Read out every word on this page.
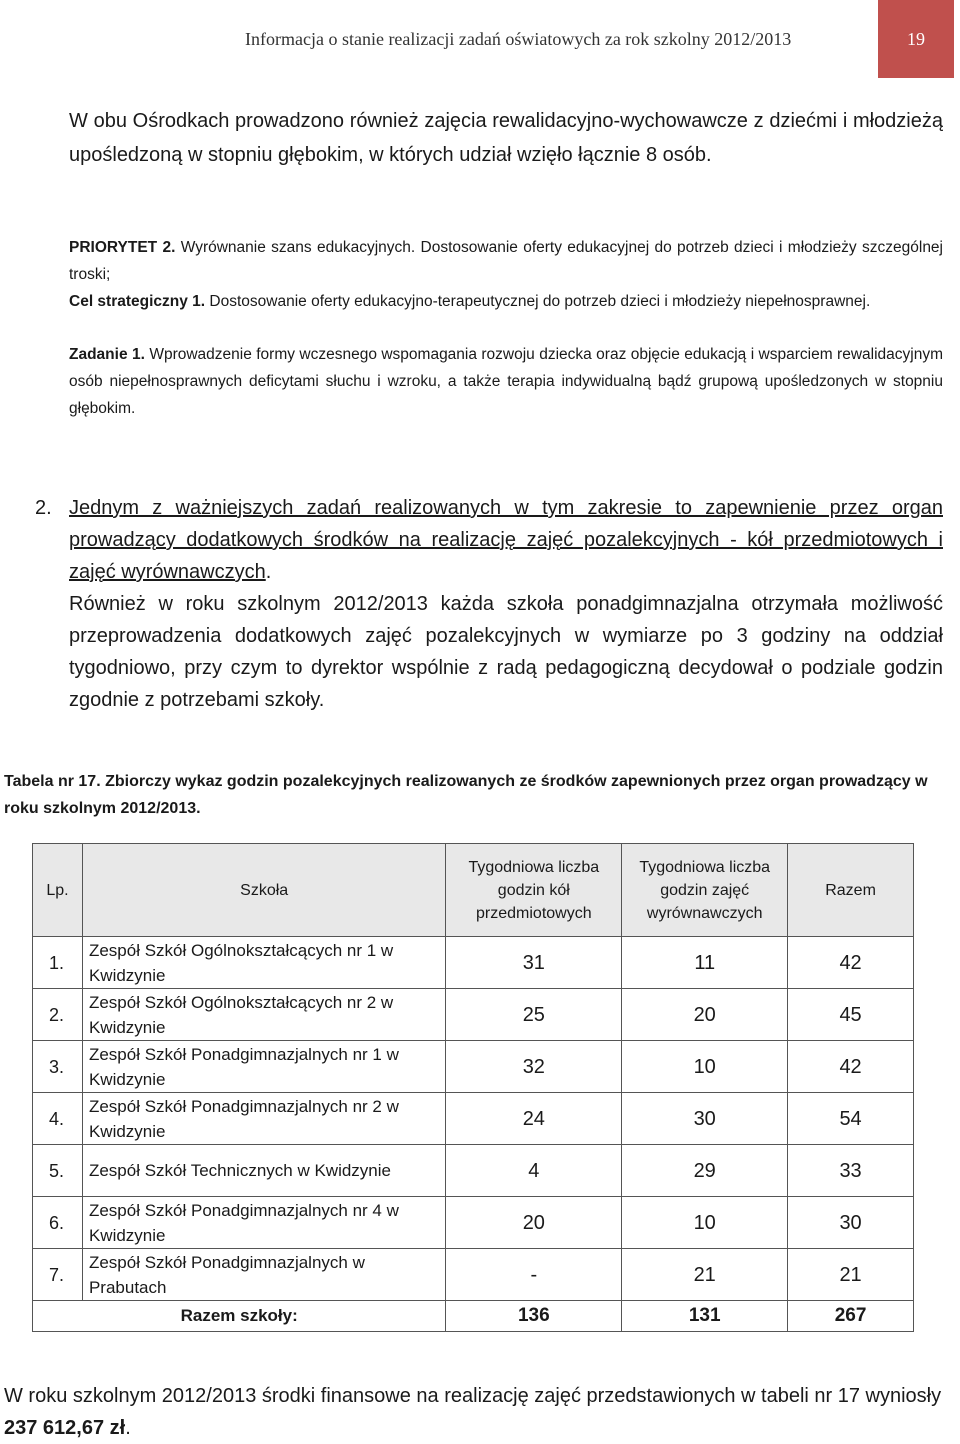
Informacja o stanie realizacji zadań oświatowych za rok szkolny 2012/2013	19
W obu Ośrodkach prowadzono również zajęcia rewalidacyjno-wychowawcze z dziećmi i młodzieżą upośledzoną w stopniu głębokim, w których udział wzięło łącznie 8 osób.
PRIORYTET 2. Wyrównanie szans edukacyjnych. Dostosowanie oferty edukacyjnej do potrzeb dzieci i młodzieży szczególnej troski;
Cel strategiczny 1. Dostosowanie oferty edukacyjno-terapeutycznej do potrzeb dzieci i młodzieży niepełnosprawnej.
Zadanie 1. Wprowadzenie formy wczesnego wspomagania rozwoju dziecka oraz objęcie edukacją i wsparciem rewalidacyjnym osób niepełnosprawnych deficytami słuchu i wzroku, a także terapia indywidualną bądź grupową upośledzonych w stopniu głębokim.
2. Jednym z ważniejszych zadań realizowanych w tym zakresie to zapewnienie przez organ prowadzący dodatkowych środków na realizację zajęć pozalekcyjnych - kół przedmiotowych i zajęć wyrównawczych.

Również w roku szkolnym 2012/2013 każda szkoła ponadgimnazjalna otrzymała możliwość przeprowadzenia dodatkowych zajęć pozalekcyjnych w wymiarze po 3 godziny na oddział tygodniowo, przy czym to dyrektor wspólnie z radą pedagogiczną decydował o podziale godzin zgodnie z potrzebami szkoły.

Tabela nr 17. Zbiorczy wykaz godzin pozalekcyjnych realizowanych ze środków zapewnionych przez organ prowadzący w roku szkolnym 2012/2013.
Lp.	Szkoła	Tygodniowa liczba godzin kół przedmiotowych	Tygodniowa liczba godzin zajęć wyrównawczych	Razem
1.	Zespół Szkół Ogólnokształcących nr 1 w Kwidzynie	31	11	42
2.	Zespół Szkół Ogólnokształcących nr 2 w Kwidzynie	25	20	45
3.	Zespół Szkół Ponadgimnazjalnych nr 1 w Kwidzynie	32	10	42
4.	Zespół Szkół Ponadgimnazjalnych nr 2 w Kwidzynie	24	30	54
5.	Zespół Szkół Technicznych w Kwidzynie	4	29	33
6.	Zespół Szkół Ponadgimnazjalnych nr 4 w Kwidzynie	20	10	30
7.	Zespół Szkół Ponadgimnazjalnych w Prabutach	-	21	21
Razem szkoły:		136	131	267
W roku szkolnym 2012/2013 środki finansowe na realizację zajęć przedstawionych w tabeli nr 17 wyniosły 237 612,67 zł.
